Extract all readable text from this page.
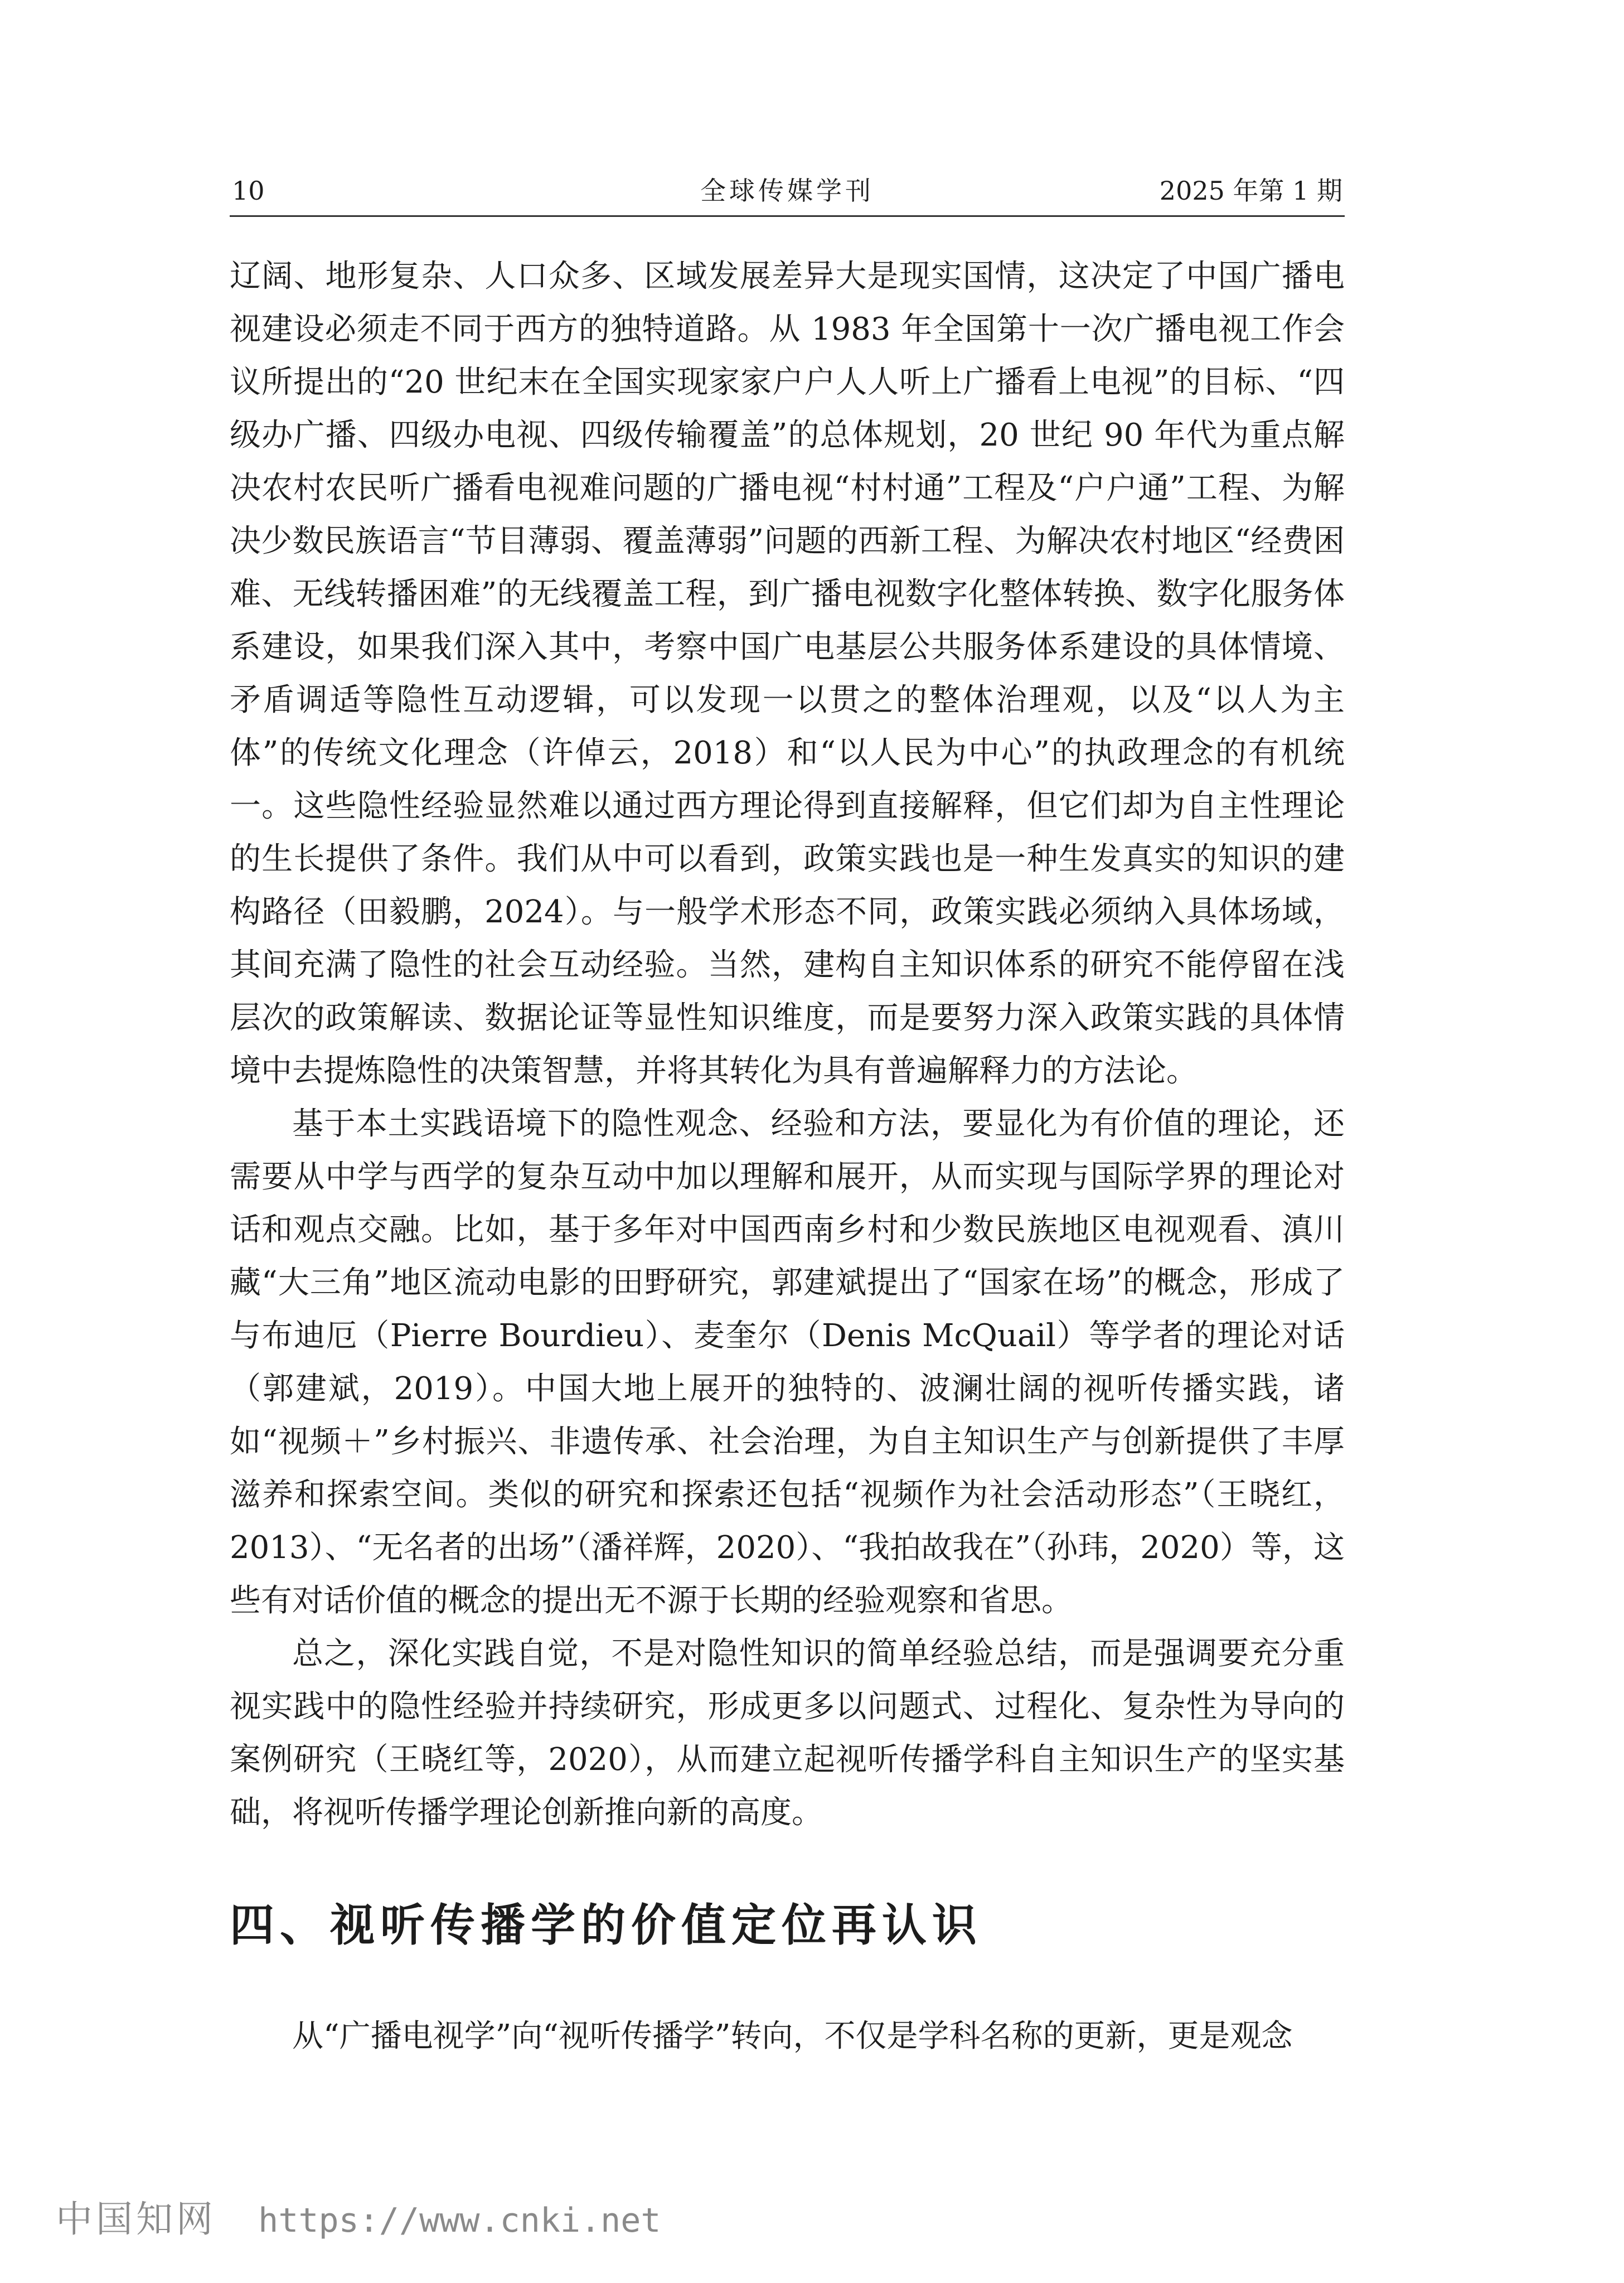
10	全球传媒学刊	2025 年第 1 期

辽阔、地形复杂、人口众多、区域发展差异大是现实国情，这决定了中国广播电视建设必须走不同于西方的独特道路。从 1983 年全国第十一次广播电视工作会议所提出的“20 世纪末在全国实现家家户户人人听上广播看上电视”的目标、“四级办广播、四级办电视、四级传输覆盖”的总体规划，20 世纪 90 年代为重点解决农村农民听广播看电视难问题的广播电视“村村通”工程及“户户通”工程、为解决少数民族语言“节目薄弱、覆盖薄弱”问题的西新工程、为解决农村地区“经费困难、无线转播困难”的无线覆盖工程，到广播电视数字化整体转换、数字化服务体系建设，如果我们深入其中，考察中国广电基层公共服务体系建设的具体情境、矛盾调适等隐性互动逻辑，可以发现一以贯之的整体治理观，以及“以人为主体”的传统文化理念（许倬云，2018）和“以人民为中心”的执政理念的有机统一。这些隐性经验显然难以通过西方理论得到直接解释，但它们却为自主性理论的生长提供了条件。我们从中可以看到，政策实践也是一种生发真实的知识的建构路径（田毅鹏，2024）。与一般学术形态不同，政策实践必须纳入具体场域，其间充满了隐性的社会互动经验。当然，建构自主知识体系的研究不能停留在浅层次的政策解读、数据论证等显性知识维度，而是要努力深入政策实践的具体情境中去提炼隐性的决策智慧，并将其转化为具有普遍解释力的方法论。

基于本土实践语境下的隐性观念、经验和方法，要显化为有价值的理论，还需要从中学与西学的复杂互动中加以理解和展开，从而实现与国际学界的理论对话和观点交融。比如，基于多年对中国西南乡村和少数民族地区电视观看、滇川藏“大三角”地区流动电影的田野研究，郭建斌提出了“国家在场”的概念，形成了与布迪厄（Pierre Bourdieu）、麦奎尔（Denis McQuail）等学者的理论对话（郭建斌，2019）。中国大地上展开的独特的、波澜壮阔的视听传播实践，诸如“视频＋”乡村振兴、非遗传承、社会治理，为自主知识生产与创新提供了丰厚滋养和探索空间。类似的研究和探索还包括“视频作为社会活动形态”（王晓红，2013）、“无名者的出场”（潘祥辉，2020）、“我拍故我在”（孙玮，2020）等，这些有对话价值的概念的提出无不源于长期的经验观察和省思。

总之，深化实践自觉，不是对隐性知识的简单经验总结，而是强调要充分重视实践中的隐性经验并持续研究，形成更多以问题式、过程化、复杂性为导向的案例研究（王晓红等，2020），从而建立起视听传播学科自主知识生产的坚实基础，将视听传播学理论创新推向新的高度。

四、视听传播学的价值定位再认识

从“广播电视学”向“视听传播学”转向，不仅是学科名称的更新，更是观念

中国知网 https://www.cnki.net
